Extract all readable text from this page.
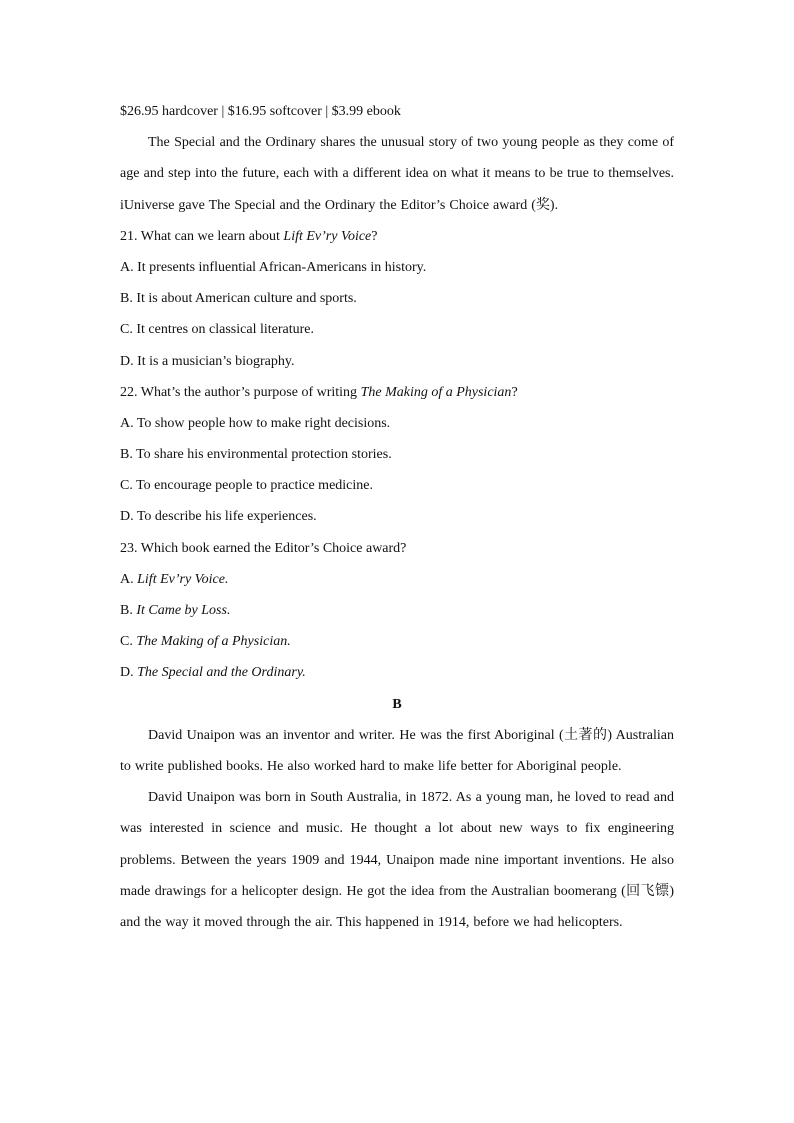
$26.95 hardcover | $16.95 softcover | $3.99 ebook
The Special and the Ordinary shares the unusual story of two young people as they come of age and step into the future, each with a different idea on what it means to be true to themselves. iUniverse gave The Special and the Ordinary the Editor’s Choice award (奖).
21. What can we learn about Lift Ev’ry Voice?
A. It presents influential African-Americans in history.
B. It is about American culture and sports.
C. It centres on classical literature.
D. It is a musician’s biography.
22. What’s the author’s purpose of writing The Making of a Physician?
A. To show people how to make right decisions.
B. To share his environmental protection stories.
C. To encourage people to practice medicine.
D. To describe his life experiences.
23. Which book earned the Editor’s Choice award?
A. Lift Ev’ry Voice.
B. It Came by Loss.
C. The Making of a Physician.
D. The Special and the Ordinary.
B
David Unaipon was an inventor and writer. He was the first Aboriginal (土著的) Australian to write published books. He also worked hard to make life better for Aboriginal people.
David Unaipon was born in South Australia, in 1872. As a young man, he loved to read and was interested in science and music. He thought a lot about new ways to fix engineering problems. Between the years 1909 and 1944, Unaipon made nine important inventions. He also made drawings for a helicopter design. He got the idea from the Australian boomerang (回飞镖) and the way it moved through the air. This happened in 1914, before we had helicopters.
